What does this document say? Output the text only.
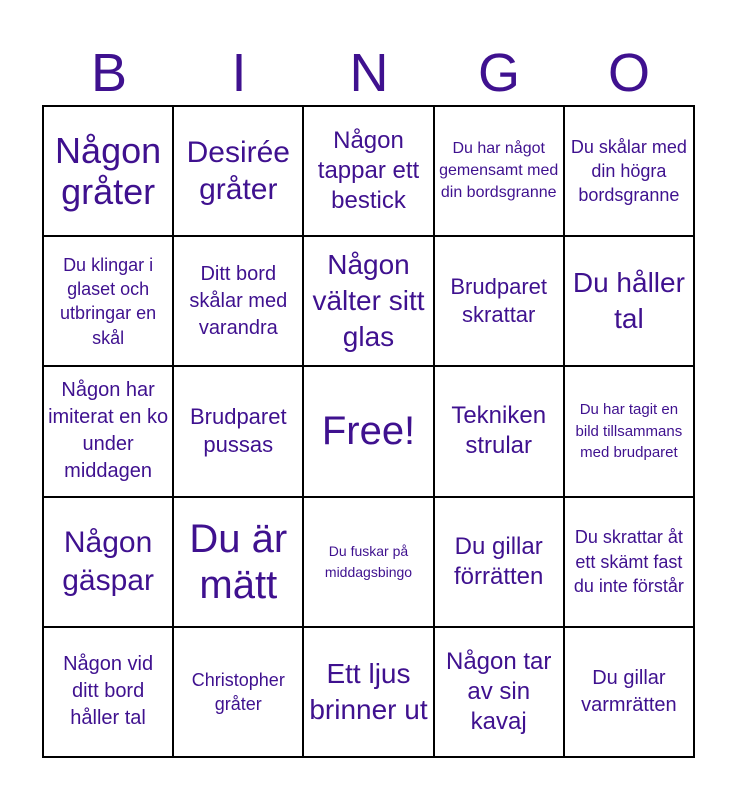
B	I	N	G	O
Någon gråter
Desirée gråter
Någon tappar ett bestick
Du har något gemensamt med din bordsgranne
Du skålar med din högra bordsgranne
Du klingar i glaset och utbringar en skål
Ditt bord skålar med varandra
Någon välter sitt glas
Brudparet skrattar
Du håller tal
Någon har imiterat en ko under middagen
Brudparet pussas	Free!	Tekniken strular
Du har tagit en bild tillsammans med brudparet
Någon gäspar
Du är mätt
Du fuskar på middagsbingo
Du gillar förrätten
Du skrattar åt ett skämt fast du inte förstår
Någon vid ditt bord håller tal
Christopher gråter
Ett ljus brinner ut
Någon tar av sin kavaj
Du gillar varmrätten
